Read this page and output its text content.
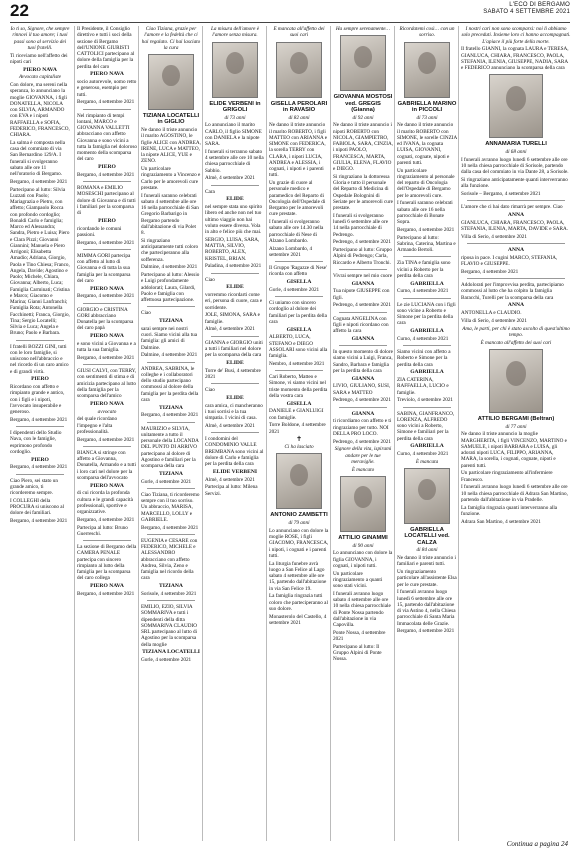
22	L'ECO DI BERGAMO
SABATO 4 SETTEMBRE 2021

Io ti so, Signore, che sempre rinnovi il tuo amore; i tuoi passi sono al servizio dei tuoi fratelli.

Ti riceviamo nell'affetto dei nipoti cari

PIERO NAVA

Avvocato capitaliste

Con dolore, ma sereni nella speranza, lo annunciano la moglie GIOVANNA, i figli DONATELLA, NICOLA con SILVIA, ARMANDO con EVA e i nipoti RAFFAELLA e SOFIA, FEDERICO, FRANCESCO, CHIARA.

La salma è composta nella casa del commiato di via San Bernardino 129/A. I funerali si svolgeranno sabato alle ore 11 nell'oratorio di Bergamo.

Bergamo, 4 settembre 2021

Partecipano al lutto: Silvia Luzzati con Paolo; Mariagrazia e Pietro, con affetto; Giampaolo Rocca con profondo cordoglio; Bonaldi Carlo e famiglia; Marco ed Alessandra; Sandra, Pietro e Luisa; Piero e Clara Pizzi; Giovanni Giannini; Manuela e Piero Arrigoni; Elisabetta Amadio; Adriana, Giorgio, Paola e Tino Chiesa; Franco, Angela, Davide; Agostino e Paolo; Michele, Chiara, Giovanna; Alberto, Luca; Famiglia Carminati; Cristina e Marco; Giacomo e Marina; Gianni Lanfranchi; Famiglia Rota; Antonella Facchinetti; Franca, Giorgio, Tina; Sergio Locatelli; Silvia e Luca; Angela e Bruno; Paolo e Barbara.

I fratelli BOZZI GINI, tutti con le loro famiglie, si uniscono nell'abbraccio e nel ricordo di un caro amico e di grandi virtù.

PIERO

Ricordano con affetto e rimpianto grande e antico, con i figli e i nipoti, l'avvocato insuperabile e generoso.

Bergamo, 4 settembre 2021

I dipendenti dello Studio Nava, con le famiglie, esprimono profondo cordoglio.

PIERO

Bergamo, 4 settembre 2021

Ciao Piero, sei stato un grande amico, ti ricorderemo sempre.

I COLLEGHI della PROCURA si uniscono al dolore dei familiari.

Bergamo, 4 settembre 2021

Il Presidente, il Consiglio direttivo e tutti i soci della sezione di Bergamo dell'UNIONE GIURISTI CATTOLICI partecipano al dolore della famiglia per la perdita del caro

PIERO NAVA

socio autorevole, uomo retto e generoso, esempio per tutti.

Bergamo, 4 settembre 2021

Nel rimpianto di tempi lontani, MARCO e GIOVANNA VALLETTI abbracciano con affetto Giovanna e sono vicini a tutta la famiglia nel doloroso momento della scomparsa del caro

PIERO

Bergamo, 4 settembre 2021

ROMANA e EMILIO MOSESCHI partecipano al dolore di Giovanna e di tutti i familiari per la scomparsa di

PIERO

ricordando le comuni passioni.

Bergamo, 4 settembre 2021

MIMMA GORI partecipa con affetto al lutto di Giovanna e di tutta la sua famiglia per la scomparsa del caro

PIERO NAVA

Bergamo, 4 settembre 2021

GIORGIO e CRISTINA GORI abbracciano Donatella per la scomparsa del caro papà

PIERO NAVA

e sono vicini a Giovanna e a tutta la sua famiglia.

Bergamo, 4 settembre 2021

GIUSI CALVI, con TERRY, con sentimenti di stima e di amicizia partecipano al lutto della famiglia per la scomparsa dell'amico

PIERO NAVA

avvocato

del quale ricordano l'impegno e l'alta professionalità.

Bergamo, 4 settembre 2021

BIANCA si stringe con affetto a Giovanna, Donatella, Armando e a tutti i loro cari nel dolore per la scomparsa dell'avvocato

PIERO NAVA

di cui ricorda la profonda cultura e le grandi capacità professionali, sportive e organizzative.

Bergamo, 4 settembre 2021

Partecipa al lutto: Bruno Guerreschi.

La sezione di Bergamo della CAMERA PENALE partecipa con sincero rimpianto al lutto della famiglia per la scomparsa del caro collega

PIERO NAVA

Bergamo, 4 settembre 2021

Ciao Tiziana, grazie per l'amore e la fedeltà che ci hai regalato. Ci hai lasciato la cura

TIZIANA LOCATELLI in GIGLIO

Ne danno il triste annuncio il marito AGOSTINO, le figlie ALICE con ANDREA, IRENE, LUCA e MATTEO, la nipote ALICE, YUE e ZENO.

Un particolare ringraziamento a Vincenzo e Carlo per le amorevoli cure prestate.

I funerali saranno celebrati sabato 4 settembre alle ore 16 nella parrocchiale di San Gregorio Barbarigo in Bergamo partendo dall'abitazione di via Polet 8.

Si ringraziano anticipatamente tutti coloro che parteciperanno alla sofferenza.

Dalmine, 4 settembre 2021

Partecipano al lutto: Alessio e Luigi profondamente addolorati; Laura, Gilardi, Paolo e famiglia con affettuosa partecipazione.

Ciao

TIZIANA

sarai sempre nei nostri cuori. Siamo vicini alla tua famiglia: gli amici di Dalmine.

Dalmine, 4 settembre 2021

ANDREA, SABRINA, le colleghe e i collaboratori dello studio partecipano commossi al dolore della famiglia per la perdita della cara

TIZIANA

Bergamo, 4 settembre 2021

MAURIZIO e SILVIA, unitamente a tutto il personale della LOCANDA DEL PUNTO DI ARRIVO partecipano al dolore di Agostino e familiari per la scomparsa della cara

TIZIANA

Gorle, 4 settembre 2021

Ciao Tiziana, ti ricorderemo sempre con il tuo sorriso. Un abbraccio, MARISA, MARCELLO, LOLLY e GABRIELE.

Bergamo, 4 settembre 2021

EUGENIA e CESARE con FEDERICO, MICHELE e ALESSANDRO abbracciano con affetto Andrea, Silvia, Zeno e famiglia nel ricordo della cara

TIZIANA

Sorisole, 4 settembre 2021

EMILIO, EZIO, SILVIA SOMMARIVA e tutti i dipendenti della ditta SOMMARIVA CLAUDIO SRL partecipano al lutto di Agostino per la scomparsa della moglie

TIZIANA LOCATELLI

Gorle, 4 settembre 2021

La misura dell'amore è l'amore senza misura.

ELIDE VERBENI in GRIGOLI

di 73 anni

Lo annunciano il marito CARLO, il figlio SIMONE con DANIELA e la nipote SARA.

I funerali si terranno sabato 4 settembre alle ore 10 nella chiesa parrocchiale di Sabbio.

Almè, 4 settembre 2021

Cara

ELIDE

nel sempre stata uno spirito libero ed anche non nel tuo ultimo viaggio non hai voluto essere diversa. Vola in alto e felice più che mai.

SERGIO, LUISA, SARA, MATTIA, SILVIO, ROBERTO, ALEX, KRISTEL, BRIAN.

Paladina, 4 settembre 2021

Ciao

ELIDE

vorremmo ricordarti come eri, persona di cuore, cara e sorridente.

JOLE, SIMONA, SARA e famiglie.

Almè, 4 settembre 2021

GIANNA e GIORGIO uniti a tutti i familiari nel dolore per la scomparsa della cara

ELIDE

Torre de' Busi, 4 settembre 2021

Ciao

ELIDE

cara amica, ci mancheranno i tuoi sorrisi e la tua simpatia. I vicini di casa.

Almè, 4 settembre 2021

I condomini del CONDOMINIO VALLE BREMBANA sono vicini al dolore di Carlo e famiglia per la perdita della cara

ELIDE VERBENI

Almè, 4 settembre 2021

Partecipa al lutto: Milena Servizi.

È mancata all'affetto dei suoi cari

GISELLA PEROLARI in RAVASIO

di 82 anni

Ne danno il triste annuncio il marito ROBERTO, i figli MATTEO con ARIANNA e SIMONE con FEDERICA, la sorella TERRY con CLARA, i nipoti LUCIA, ANDREA e ALESSIA, i cognati, i nipoti e i parenti tutti.

Un grazie di cuore al personale medico e paramedico del Reparto di Oncologia dell'Ospedale di Bergamo per le amorevoli cure prestate.

I funerali si svolgeranno sabato alle ore 14.30 nella parrocchiale di Nese di Alzano Lombardo.

Alzano Lombardo, 4 settembre 2021

Il Gruppo 'Ragazze di Nese' ricorda con affetto

GISELLA

Gorle, 4 settembre 2021

Ci uniamo con sincero cordoglio al dolore dei familiari per la perdita della cara

GISELLA

ALBERTO, LUCA, STEFANO e DIEGO ASSOLARI sono vicini alla famiglia.

Nembro, 4 settembre 2021

Cari Roberto, Matteo e Simone, vi siamo vicini nel triste momento della perdita della vostra cara

GISELLA

DANIELE e GIANLUIGI con famiglie.

Torre Boldone, 4 settembre 2021

✝

Ci ha lasciato

ANTONIO ZAMBETTI

di 79 anni

Lo annunciano con dolore la moglie ROSE, i figli GIACOMO, FRANCESCA, i nipoti, i cognati e i parenti tutti.

La liturgia funebre avrà luogo a San Felice al Lago sabato 4 settembre alle ore 15, partendo dall'abitazione in via San Felice 19.

La famiglia ringrazia tutti coloro che parteciperanno al suo dolore.

Monasterolo del Castello, 4 settembre 2021

Ha sempre serenamente…

GIOVANNA MOSTOSI ved. GREGIS (Gianna)

di 92 anni

Ne danno il triste annuncio i nipoti ROBERTO con NICOLA, GIAMPIETRO, FABIOLA, SARA, CINZIA, i nipoti PAOLO, FRANCESCA, MARTA, GIULIA, ELENA, FLAVIO e DIEGO.

Si ringraziano la dottoressa Gloria e tutto il personale del Reparto di Medicina di Ospedale Bolognini di Seriate per le amorevoli cure prestate.

I funerali si svolgeranno lunedì 6 settembre alle ore 14 nella parrocchiale di Pedrengo.

Pedrengo, 4 settembre 2021

Partecipano al lutto: Gruppo Alpini di Pedrengo; Carla, Riccardo e Alberto Tronchi.

Vivrai sempre nel mio cuore

GIANNA

Tua nipote GIUSEPPE con figli.

Pedrengo, 4 settembre 2021

Cognata ANGELINA con figli e nipoti ricordano con affetto la cara

GIANNA

In questo momento di dolore siamo vicini a Luigi, Franca, Sandro, Barbara e famiglia per la perdita della cara

GIANNA

LIVIO, GIULIANO, SUSI, SARA e MATTEO

Pedrengo, 4 settembre 2021

GIANNA

ti ricordiamo con affetto e ti ringraziamo per tutto. NOI DELLA PRO LOCO.

Pedrengo, 4 settembre 2021

Signore della vita, ispirami andare per le tue meraviglie.

È mancato

ATTILIO GINAMMI

di 90 anni

Lo annunciano con dolore la figlia GIOVANNA, i cognati, i nipoti tutti.

Un particolare ringraziamento a quanti sono stati vicini.

I funerali avranno luogo sabato 4 settembre alle ore 10 nella chiesa parrocchiale di Ponte Nossa partendo dall'abitazione in via Capovilla.

Ponte Nossa, 4 settembre 2021

Partecipano al lutto: Il Gruppo Alpini di Ponte Nossa.

Ricordatemi così… con un sorriso.

GABRIELLA MARINO in PICCOLI

di 73 anni

Ne danno il triste annuncio il marito ROBERTO con SIMONE, le sorelle CINZIA ed IVANA, la cognata LUISA, GIOVANNI, cognati, cognate, nipoti e parenti tutti.

Un particolare ringraziamento al personale del reparto di Oncologia dell'Ospedale di Bergamo per le amorevoli cure.

I funerali saranno celebrati sabato alle ore 16 nella parrocchiale di Bonate Sopra.

Bergamo, 4 settembre 2021

Partecipano al lutto: Sabrina, Caterina, Martina e Armando Bertoli.

Zia TINA e famiglia sono vicini a Roberto per la perdita della cara

GABRIELLA

Curno, 4 settembre 2021

Le zie LUCIANA con i figli sono vicine a Roberto e Simone per la perdita della cara

GABRIELLA

Curno, 4 settembre 2021

Siamo vicini con affetto a Roberto e Simone per la perdita della cara

GABRIELLA

ZIA CATERINA, RAFFAELLA, LUCIO e famiglie.

Treviolo, 4 settembre 2021

SABINA, GIANFRANCO, LORENZA, ALFREDO sono vicini a Roberto, Simone e familiari per la perdita della cara

GABRIELLA

Curno, 4 settembre 2021

È mancata

GABRIELLA LOCATELLI ved. CALZA

di 84 anni

Ne danno il triste annuncio i familiari e parenti tutti.

Un ringraziamento particolare all'assistente Elsa per le cure prestate.

I funerali avranno luogo lunedì 6 settembre alle ore 15, partendo dall'abitazione di via Astino 4, nella Chiesa parrocchiale di Santa Maria Immacolata delle Grazie.

Bergamo, 4 settembre 2021

I nostri cari non sono scomparsi: noi li abbiamo solo preceduti. Insieme loro ci hanno accompagnati. L'apiace il più forte della morte.

Il fratello GIANNI, la cognata LAURA e TERESA, GIANLUCA, CHIARA, FRANCESCO, PAOLA, STEFANIA, ILENIA, GIUSEPPE, NADIA, SARA e FEDERICO annunciano la scomparsa della cara

ANNAMARIA TURELLI

di 68 anni

I funerali avranno luogo lunedì 6 settembre alle ore 10 nella chiesa parrocchiale di Sorisole, partendo dalla casa del commiato in via Dante 28, a Sorisole.

Si ringraziano anticipatamente quanti interverranno alla funzione.

Sorisole – Bergamo, 4 settembre 2021

L'amore che ci hai dato rimarrà per sempre. Ciao

ANNA

GIANLUCA, CHIARA, FRANCESCO, PAOLA, STEFANIA, ILENIA, MARTA, DAVIDE e SARA.

Villa di Serio, 4 settembre 2021

ANNA

riposa in pace. I cugini MARCO, STEFANIA, FLAVIO e GIUSEPPE.

Bergamo, 4 settembre 2021

Addolorati per l'improvvisa perdita, partecipiamo commossi al lutto che ha colpito la famiglia Baracchi, Turelli per la scomparsa della cara

ANNA

ANTONELLA e CLAUDIO.

Villa di Serio, 4 settembre 2021

Ama, le parti, per chi è stato ascolto di quest'ultimo tempo.

È mancato all'affetto dei suoi cari

ATTILIO BERGAMI (Beltran)

di 77 anni

Ne danno il triste annuncio la moglie MARGHERITA, i figli VINCENZO, MARTINO e SAMUELE, i nipoti BARBARA e LUISA, gli adorati nipoti LUCA, FILIPPO, ARIANNA, MARA, la sorella, i cognati, cognate, nipoti e parenti tutti.

Un particolare ringraziamento all'infermiere Francesco.

I funerali avranno luogo lunedì 6 settembre alle ore 10 nella chiesa parrocchiale di Adrara San Martino, partendo dall'abitazione in via Pradelle.

La famiglia ringrazia quanti interverranno alla funzione.

Adrara San Martino, 4 settembre 2021

Continua a pagina 24
